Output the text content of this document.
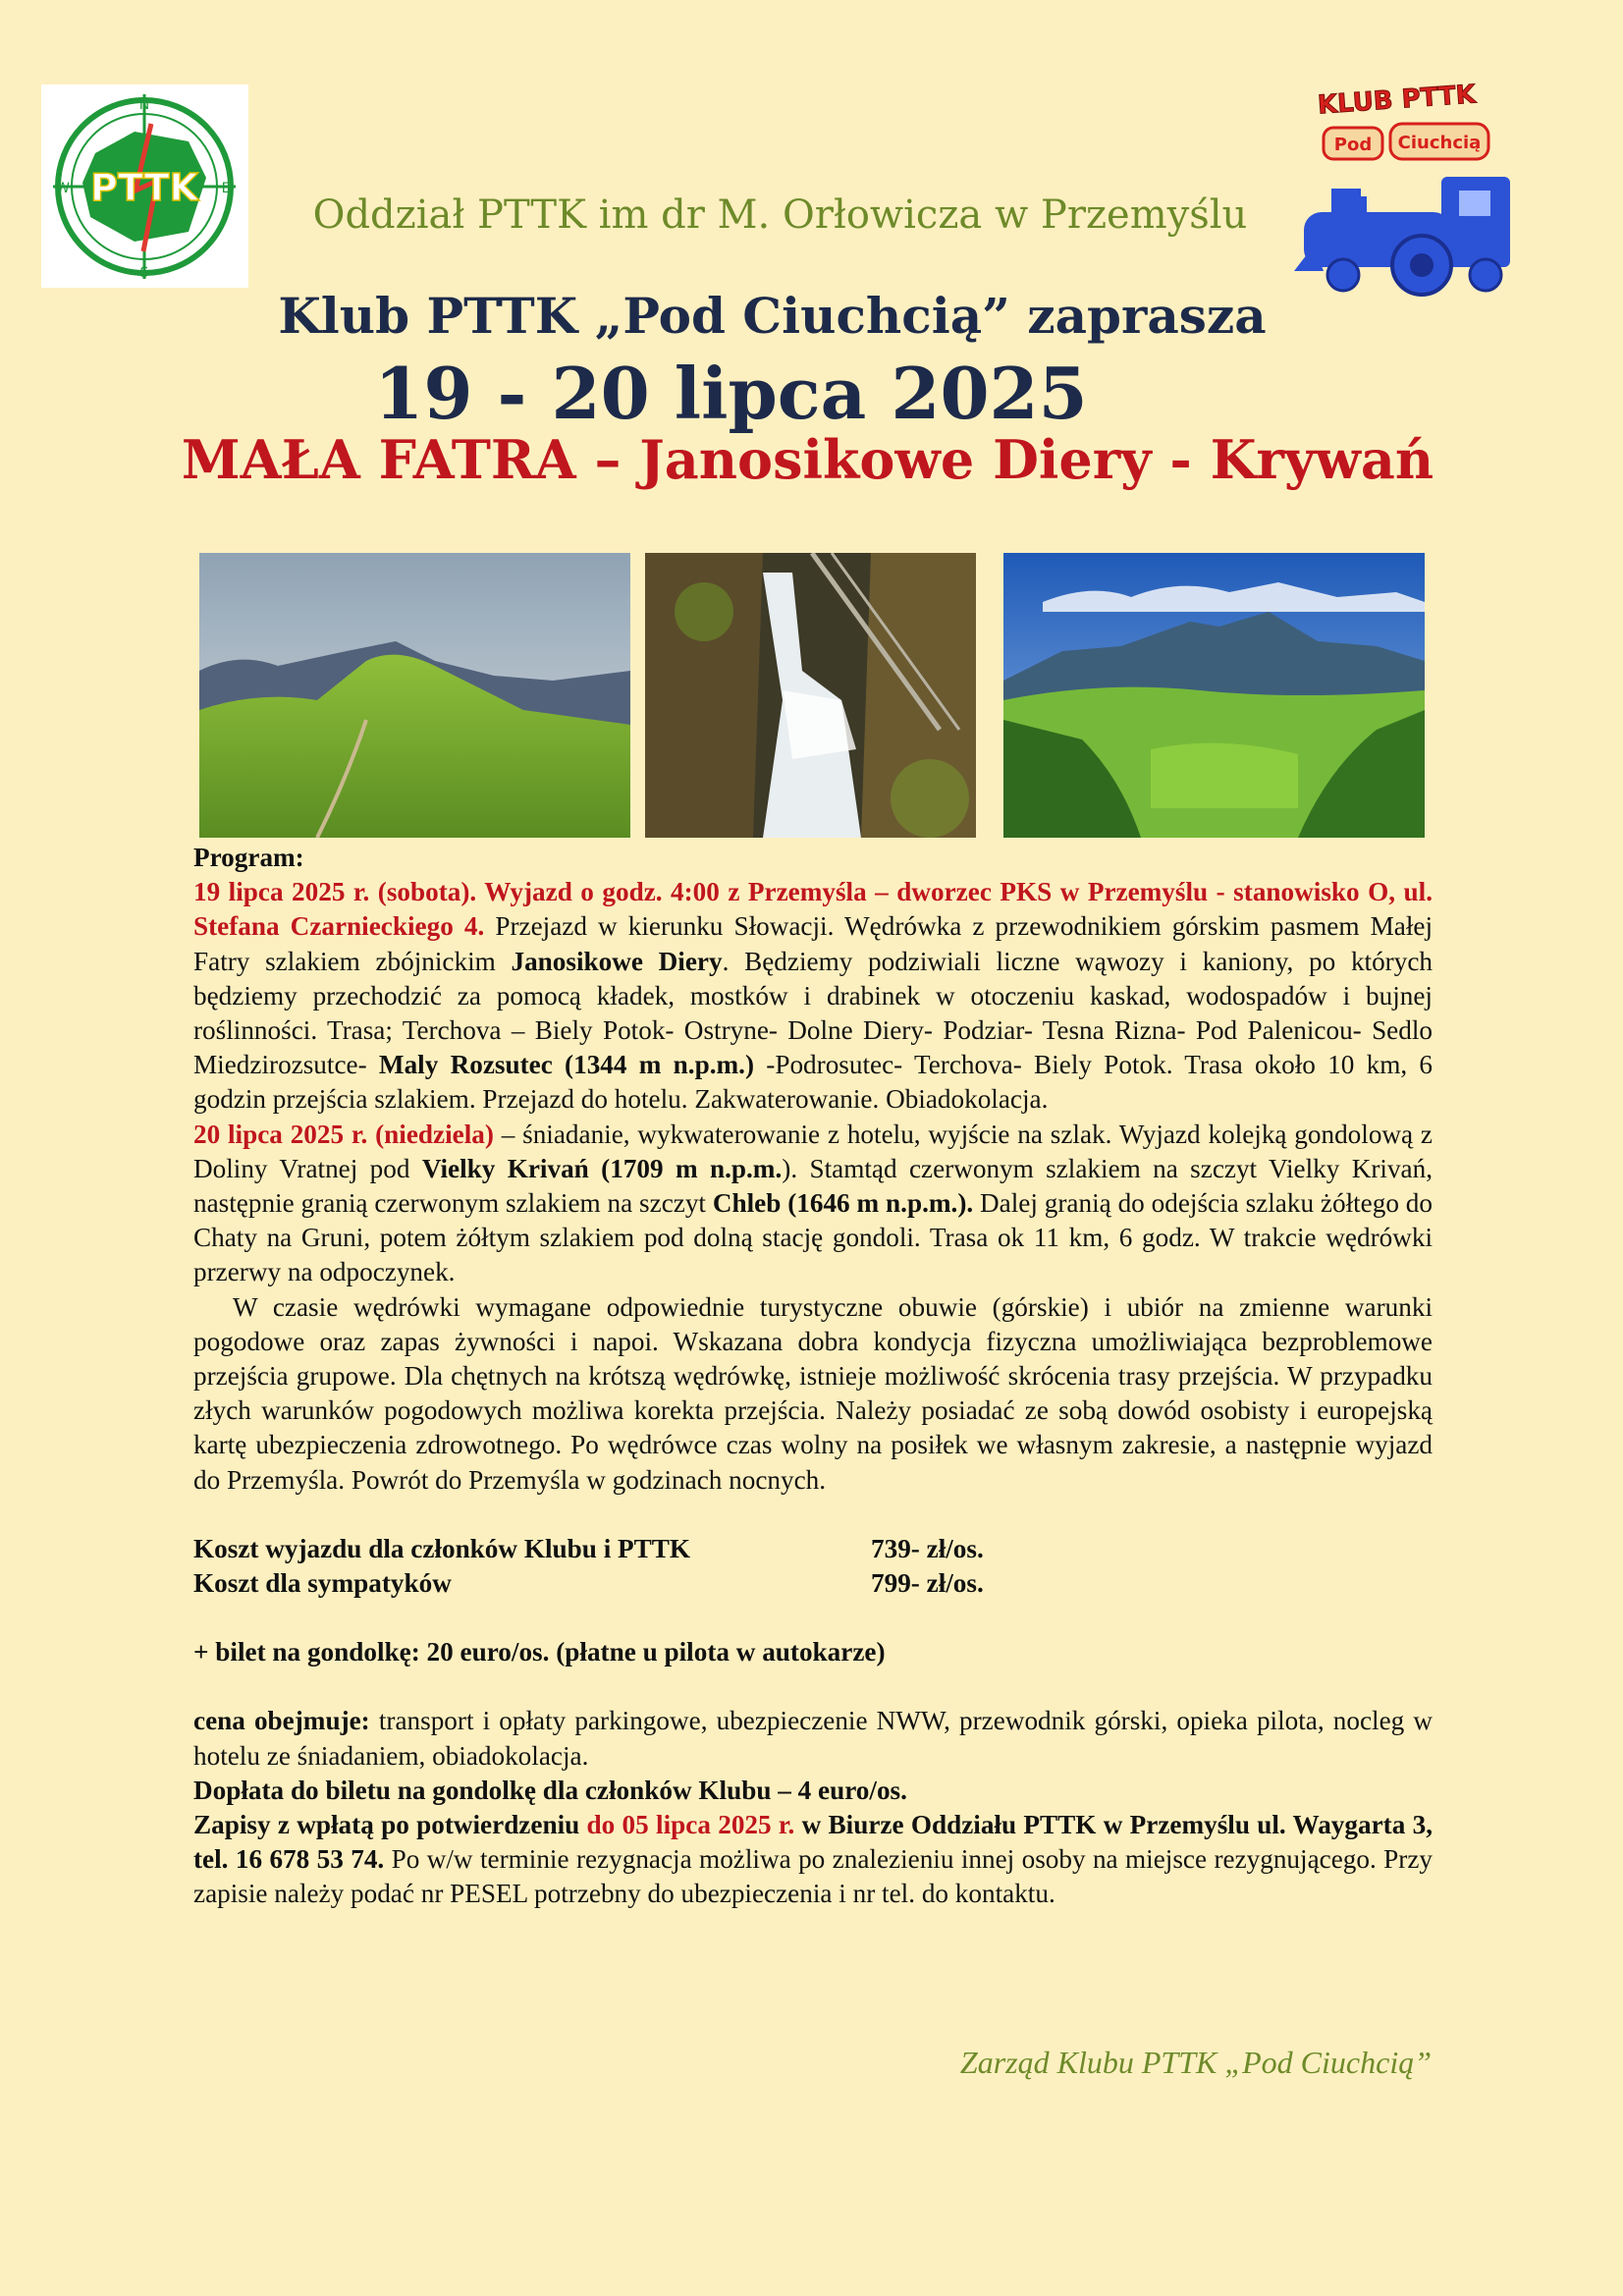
N
E
S
W PTTK
KLUB PTTK
Pod Ciuchcią
Oddział PTTK im dr M. Orłowicza w Przemyślu
Klub PTTK „Pod Ciuchcią” zaprasza
19 - 20 lipca 2025
MAŁA FATRA – Janosikowe Diery - Krywań

Program:

19 lipca 2025 r. (sobota). Wyjazd o godz. 4:00 z Przemyśla – dworzec PKS w Przemyślu - stanowisko O, ul. Stefana Czarnieckiego 4. Przejazd w kierunku Słowacji. Wędrówka z przewodnikiem górskim pasmem Małej Fatry szlakiem zbójnickim Janosikowe Diery. Będziemy podziwiali liczne wąwozy i kaniony, po których będziemy przechodzić za pomocą kładek, mostków i drabinek w otoczeniu kaskad, wodospadów i bujnej roślinności. Trasa; Terchova – Biely Potok- Ostryne- Dolne Diery- Podziar- Tesna Rizna- Pod Palenicou- Sedlo Miedzirozsutce- Maly Rozsutec (1344 m n.p.m.) -Podrosutec- Terchova- Biely Potok. Trasa około 10 km, 6 godzin przejścia szlakiem. Przejazd do hotelu. Zakwaterowanie. Obiadokolacja.

20 lipca 2025 r. (niedziela) – śniadanie, wykwaterowanie z hotelu, wyjście na szlak. Wyjazd kolejką gondolową z Doliny Vratnej pod Vielky Krivań (1709 m n.p.m.). Stamtąd czerwonym szlakiem na szczyt Vielky Krivań, następnie granią czerwonym szlakiem na szczyt Chleb (1646 m n.p.m.). Dalej granią do odejścia szlaku żółtego do Chaty na Gruni, potem żółtym szlakiem pod dolną stację gondoli. Trasa ok 11 km, 6 godz. W trakcie wędrówki przerwy na odpoczynek.

W czasie wędrówki wymagane odpowiednie turystyczne obuwie (górskie) i ubiór na zmienne warunki pogodowe oraz zapas żywności i napoi. Wskazana dobra kondycja fizyczna umożliwiająca bezproblemowe przejścia grupowe. Dla chętnych na krótszą wędrówkę, istnieje możliwość skrócenia trasy przejścia. W przypadku złych warunków pogodowych możliwa korekta przejścia. Należy posiadać ze sobą dowód osobisty i europejską kartę ubezpieczenia zdrowotnego. Po wędrówce czas wolny na posiłek we własnym zakresie, a następnie wyjazd do Przemyśla. Powrót do Przemyśla w godzinach nocnych.

Koszt wyjazdu dla członków Klubu i PTTK	739- zł/os.
Koszt dla sympatyków	799- zł/os.

+ bilet na gondolkę: 20 euro/os. (płatne u pilota w autokarze)

cena obejmuje: transport i opłaty parkingowe, ubezpieczenie NWW, przewodnik górski, opieka pilota, nocleg w hotelu ze śniadaniem, obiadokolacja.

Dopłata do biletu na gondolkę dla członków Klubu – 4 euro/os.

Zapisy z wpłatą po potwierdzeniu do 05 lipca 2025 r. w Biurze Oddziału PTTK w Przemyślu ul. Waygarta 3, tel. 16 678 53 74. Po w/w terminie rezygnacja możliwa po znalezieniu innej osoby na miejsce rezygnującego. Przy zapisie należy podać nr PESEL potrzebny do ubezpieczenia i nr tel. do kontaktu.

Zarząd Klubu PTTK „Pod Ciuchcią”
